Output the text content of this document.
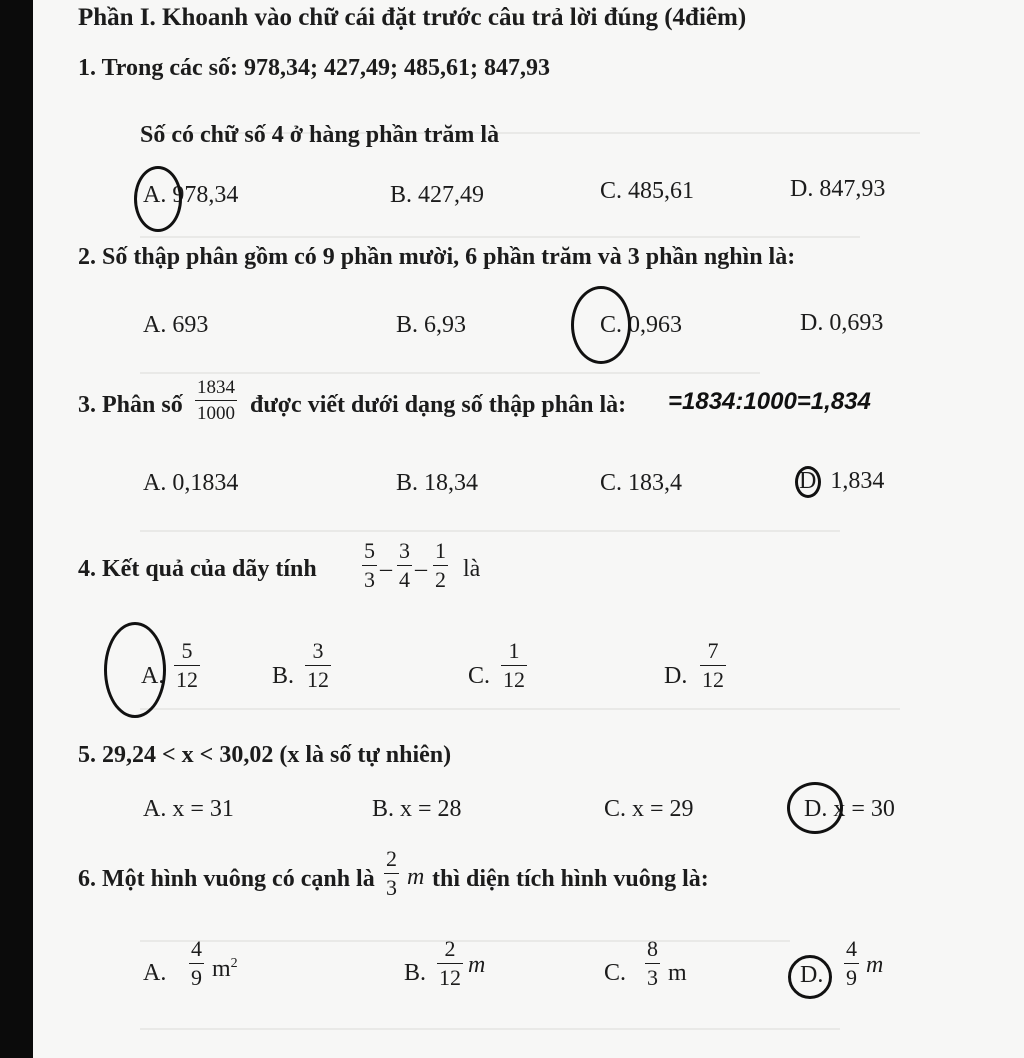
Phần I. Khoanh vào chữ cái đặt trước câu trả lời đúng (4điêm)
1. Trong các số: 978,34; 427,49; 485,61; 847,93
Số có chữ số 4 ở hàng phần trăm là
A. 978,34	B. 427,49	C. 485,61	D. 847,93
2. Số thập phân gồm có 9 phần mười, 6 phần trăm và 3 phần nghìn là:
A. 693	B. 6,93	C. 0,963	D. 0,693
3. Phân số $\frac{1834}{1000}$ được viết dưới dạng số thập phân là: =1834:1000=1,834
A. 0,1834	B. 18,34	C. 183,4	D 1,834
4. Kết quả của dãy tính $\frac{5}{3} - \frac{3}{4} - \frac{1}{2}$ là
A. $\frac{5}{12}$	B. $\frac{3}{12}$	C. $\frac{1}{12}$	D. $\frac{7}{12}$
5. 29,24 < x < 30,02 (x là số tự nhiên)
A. x = 31	B. x = 28	C. x = 29	D. x = 30
6. Một hình vuông có cạnh là $\frac{2}{3}$ m thì diện tích hình vuông là:
A. $\frac{4}{9} m^2$	B. $\frac{2}{12}$ m	C. $\frac{8}{3}$ m	D. $\frac{4}{9}$ m
